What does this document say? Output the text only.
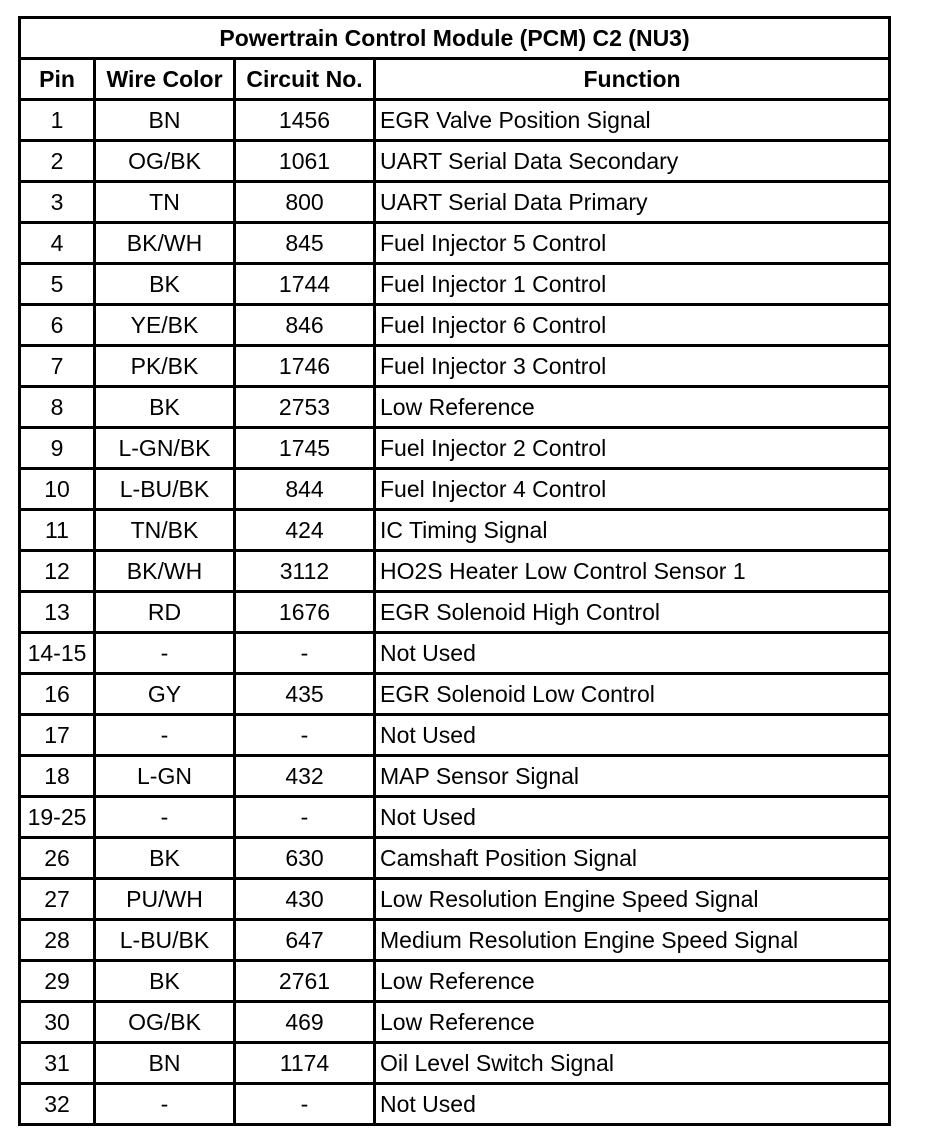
Powertrain Control Module (PCM) C2 (NU3)			
Pin	Wire Color	Circuit No.	Function
1	BN	1456	EGR Valve Position Signal
2	OG/BK	1061	UART Serial Data Secondary
3	TN	800	UART Serial Data Primary
4	BK/WH	845	Fuel Injector 5 Control
5	BK	1744	Fuel Injector 1 Control
6	YE/BK	846	Fuel Injector 6 Control
7	PK/BK	1746	Fuel Injector 3 Control
8	BK	2753	Low Reference
9	L-GN/BK	1745	Fuel Injector 2 Control
10	L-BU/BK	844	Fuel Injector 4 Control
11	TN/BK	424	IC Timing Signal
12	BK/WH	3112	HO2S Heater Low Control Sensor 1
13	RD	1676	EGR Solenoid High Control
14-15	-	-	Not Used
16	GY	435	EGR Solenoid Low Control
17	-	-	Not Used
18	L-GN	432	MAP Sensor Signal
19-25	-	-	Not Used
26	BK	630	Camshaft Position Signal
27	PU/WH	430	Low Resolution Engine Speed Signal
28	L-BU/BK	647	Medium Resolution Engine Speed Signal
29	BK	2761	Low Reference
30	OG/BK	469	Low Reference
31	BN	1174	Oil Level Switch Signal
32	-	-	Not Used
